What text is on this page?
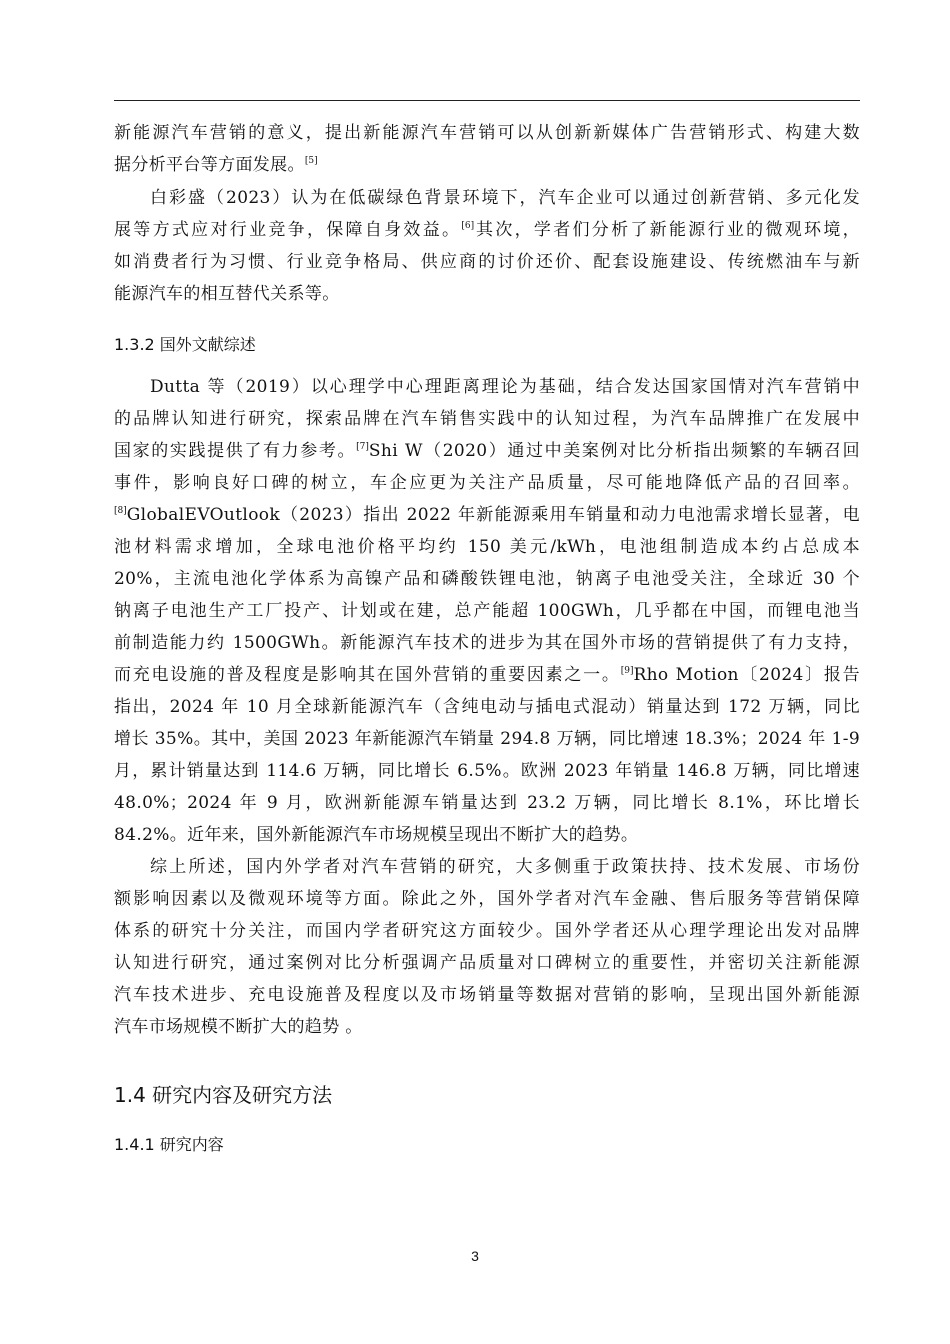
新能源汽车营销的意义，提出新能源汽车营销可以从创新新媒体广告营销形式、构建大数
据分析平台等方面发展。[5]
白彩盛（2023）认为在低碳绿色背景环境下，汽车企业可以通过创新营销、多元化发
展等方式应对行业竞争，保障自身效益。[6]其次，学者们分析了新能源行业的微观环境，
如消费者行为习惯、行业竞争格局、供应商的讨价还价、配套设施建设、传统燃油车与新
能源汽车的相互替代关系等。
1.3.2 国外文献综述
Dutta 等（2019）以心理学中心理距离理论为基础，结合发达国家国情对汽车营销中
的品牌认知进行研究，探索品牌在汽车销售实践中的认知过程，为汽车品牌推广在发展中
国家的实践提供了有力参考。[7]Shi W（2020）通过中美案例对比分析指出频繁的车辆召回
事件，影响良好口碑的树立，车企应更为关注产品质量，尽可能地降低产品的召回率。
[8]GlobalEVOutlook（2023）指出 2022 年新能源乘用车销量和动力电池需求增长显著，电
池材料需求增加，全球电池价格平均约 150 美元/kWh，电池组制造成本约占总成本
20%，主流电池化学体系为高镍产品和磷酸铁锂电池，钠离子电池受关注，全球近 30 个
钠离子电池生产工厂投产、计划或在建，总产能超 100GWh，几乎都在中国，而锂电池当
前制造能力约 1500GWh。新能源汽车技术的进步为其在国外市场的营销提供了有力支持，
而充电设施的普及程度是影响其在国外营销的重要因素之一。[9]Rho Motion〔2024〕报告
指出，2024 年 10 月全球新能源汽车（含纯电动与插电式混动）销量达到 172 万辆，同比
增长 35%。其中，美国 2023 年新能源汽车销量 294.8 万辆，同比增速 18.3%；2024 年 1-9
月，累计销量达到 114.6 万辆，同比增长 6.5%。欧洲 2023 年销量 146.8 万辆，同比增速
48.0%；2024 年 9 月，欧洲新能源车销量达到 23.2 万辆，同比增长 8.1%，环比增长
84.2%。近年来，国外新能源汽车市场规模呈现出不断扩大的趋势。
综上所述，国内外学者对汽车营销的研究，大多侧重于政策扶持、技术发展、市场份
额影响因素以及微观环境等方面。除此之外，国外学者对汽车金融、售后服务等营销保障
体系的研究十分关注，而国内学者研究这方面较少。国外学者还从心理学理论出发对品牌
认知进行研究，通过案例对比分析强调产品质量对口碑树立的重要性，并密切关注新能源
汽车技术进步、充电设施普及程度以及市场销量等数据对营销的影响，呈现出国外新能源
汽车市场规模不断扩大的趋势 。
1.4 研究内容及研究方法
1.4.1 研究内容
3
